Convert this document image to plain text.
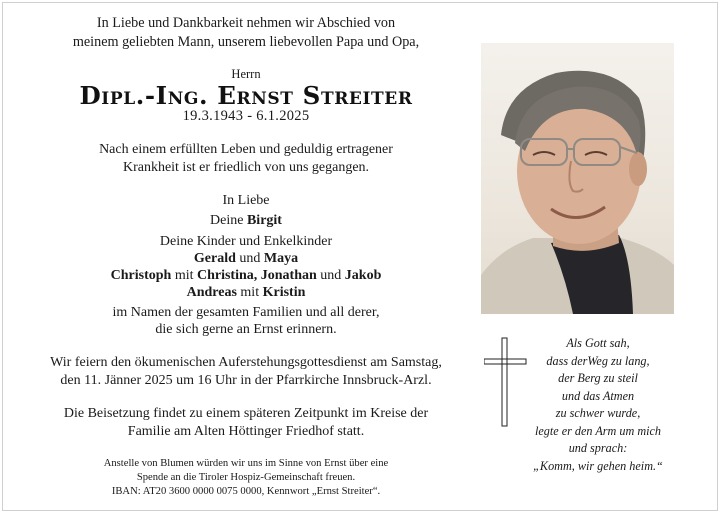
In Liebe und Dankbarkeit nehmen wir Abschied von
meinem geliebten Mann, unserem liebevollen Papa und Opa,
Herrn
Dipl.-Ing. Ernst Streiter
19.3.1943 - 6.1.2025
Nach einem erfüllten Leben und geduldig ertragener
Krankheit ist er friedlich von uns gegangen.
In Liebe
Deine Birgit
Deine Kinder und Enkelkinder
Gerald und Maya
Christoph mit Christina, Jonathan und Jakob
Andreas mit Kristin
im Namen der gesamten Familien und all derer,
die sich gerne an Ernst erinnern.
Wir feiern den ökumenischen Auferstehungsgottesdienst am Samstag,
den 11. Jänner 2025 um 16 Uhr in der Pfarrkirche Innsbruck-Arzl.
Die Beisetzung findet zu einem späteren Zeitpunkt im Kreise der
Familie am Alten Höttinger Friedhof statt.
Anstelle von Blumen würden wir uns im Sinne von Ernst über eine
Spende an die Tiroler Hospiz-Gemeinschaft freuen.
IBAN: AT20 3600 0000 0075 0000, Kennwort „Ernst Streiter“.
Als Gott sah,
dass derWeg zu lang,
der Berg zu steil
und das Atmen
zu schwer wurde,
legte er den Arm um mich
und sprach:
„Komm, wir gehen heim.“
